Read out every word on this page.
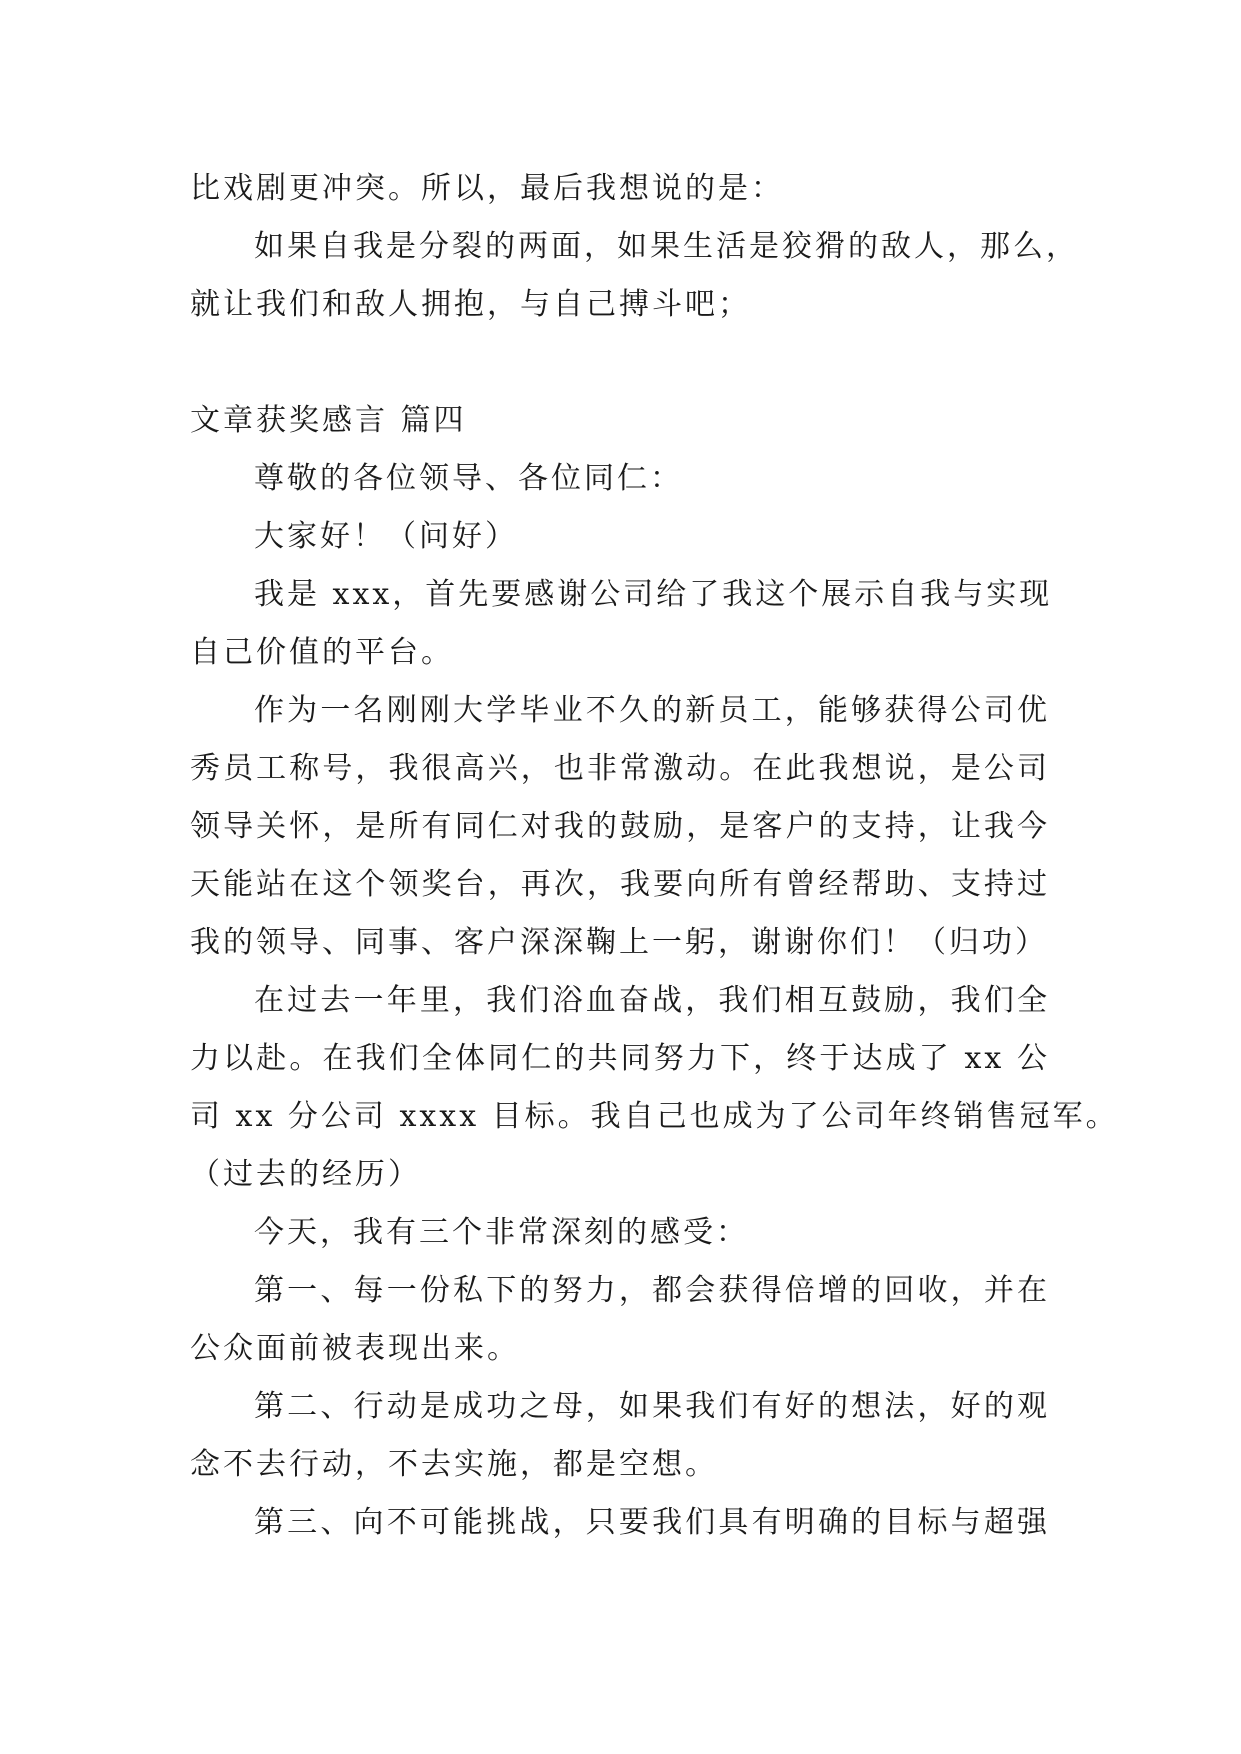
比戏剧更冲突。所以，最后我想说的是：
如果自我是分裂的两面，如果生活是狡猾的敌人，那么，
就让我们和敌人拥抱，与自己搏斗吧；
文章获奖感言 篇四
尊敬的各位领导、各位同仁：
大家好！（问好）
我是 xxx，首先要感谢公司给了我这个展示自我与实现
自己价值的平台。
作为一名刚刚大学毕业不久的新员工，能够获得公司优
秀员工称号，我很高兴，也非常激动。在此我想说，是公司
领导关怀，是所有同仁对我的鼓励，是客户的支持，让我今
天能站在这个领奖台，再次，我要向所有曾经帮助、支持过
我的领导、同事、客户深深鞠上一躬，谢谢你们！（归功）
在过去一年里，我们浴血奋战，我们相互鼓励，我们全
力以赴。在我们全体同仁的共同努力下，终于达成了 xx 公
司 xx 分公司 xxxx 目标。我自己也成为了公司年终销售冠军。
（过去的经历）
今天，我有三个非常深刻的感受：
第一、每一份私下的努力，都会获得倍增的回收，并在
公众面前被表现出来。
第二、行动是成功之母，如果我们有好的想法，好的观
念不去行动，不去实施，都是空想。
第三、向不可能挑战，只要我们具有明确的目标与超强
